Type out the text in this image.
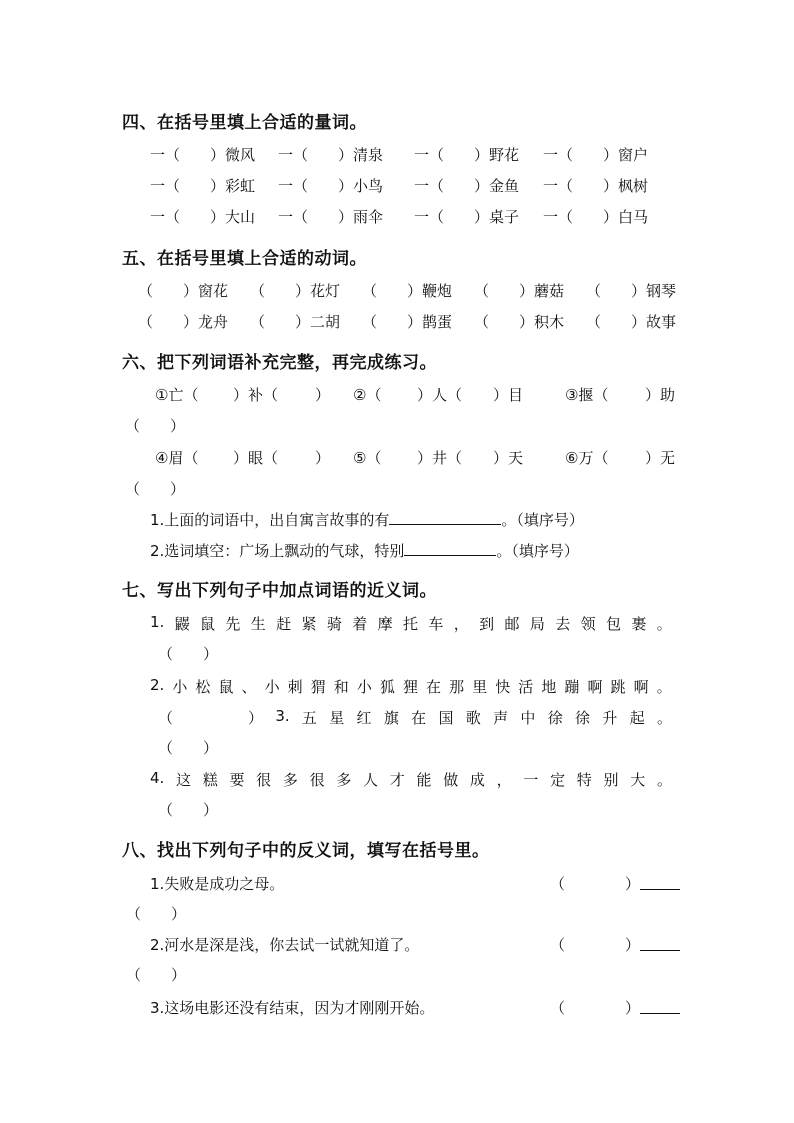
四、在括号里填上合适的量词。
一（　　）微风 一（　　）清泉 一（　　）野花 一（　　）窗户
一（　　）彩虹 一（　　）小鸟 一（　　）金鱼 一（　　）枫树
一（　　）大山 一（　　）雨伞 一（　　）桌子 一（　　）白马
五、在括号里填上合适的动词。
（　　）窗花 （　　）花灯 （　　）鞭炮 （　　）蘑菇 （　　）钢琴
（　　）龙舟 （　　）二胡 （　　）鹊蛋 （　　）积木 （　　）故事
六、把下列词语补充完整，再完成练习。
①亡（ ）补（ ） ②（ ）人（ ）目	③揠（ ）助
（　　）
④眉（ ）眼（ ） ⑤（ ）井（ ）天	⑥万（ ）无
（　　）
1.上面的词语中，出自寓言故事的有	。（填序号）
2.选词填空：广场上飘动的气球，特别	。（填序号）
七、写出下列句子中加点词语的近义词。
1. 鼹 鼠 先 生 赶 紧 骑 着 摩 托 车 ， 到 邮 局 去 领 包 裹 。
（　　）
2. 小 松 鼠 、 小 刺 猬 和 小 狐 狸 在 那 里 快 活 地 蹦 啊 跳 啊 。
（　　　　　） 3. 五 星 红 旗 在 国 歌 声 中 徐 徐 升 起 。
（　　）
4. 这 糕 要 很 多 很 多 人 才 能 做 成 ， 一 定 特 别 大 。
（　　）
八、找出下列句子中的反义词，填写在括号里。
1.失败是成功之母。	（　　　　）
（　　）
2.河水是深是浅，你去试一试就知道了。	（　　　　）
（　　）
3.这场电影还没有结束，因为才刚刚开始。	（　　　　）
